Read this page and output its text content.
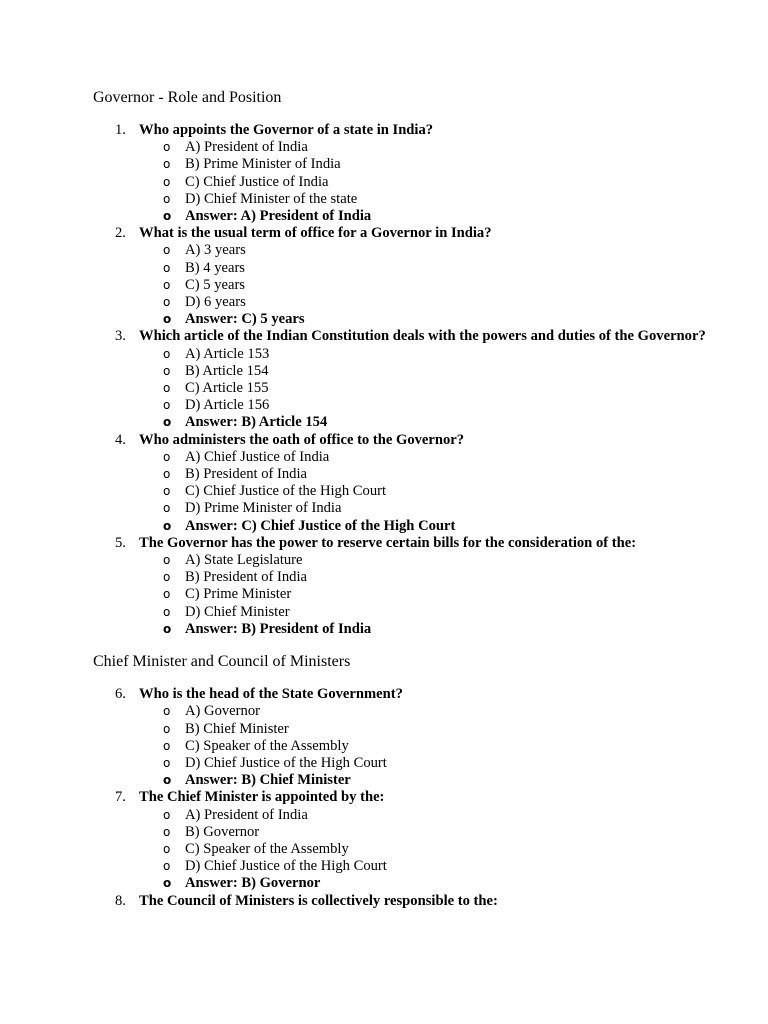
Governor - Role and Position
1. Who appoints the Governor of a state in India?
o A) President of India
o B) Prime Minister of India
o C) Chief Justice of India
o D) Chief Minister of the state
o Answer: A) President of India
2. What is the usual term of office for a Governor in India?
o A) 3 years
o B) 4 years
o C) 5 years
o D) 6 years
o Answer: C) 5 years
3. Which article of the Indian Constitution deals with the powers and duties of the Governor?
o A) Article 153
o B) Article 154
o C) Article 155
o D) Article 156
o Answer: B) Article 154
4. Who administers the oath of office to the Governor?
o A) Chief Justice of India
o B) President of India
o C) Chief Justice of the High Court
o D) Prime Minister of India
o Answer: C) Chief Justice of the High Court
5. The Governor has the power to reserve certain bills for the consideration of the:
o A) State Legislature
o B) President of India
o C) Prime Minister
o D) Chief Minister
o Answer: B) President of India
Chief Minister and Council of Ministers
6. Who is the head of the State Government?
o A) Governor
o B) Chief Minister
o C) Speaker of the Assembly
o D) Chief Justice of the High Court
o Answer: B) Chief Minister
7. The Chief Minister is appointed by the:
o A) President of India
o B) Governor
o C) Speaker of the Assembly
o D) Chief Justice of the High Court
o Answer: B) Governor
8. The Council of Ministers is collectively responsible to the:
